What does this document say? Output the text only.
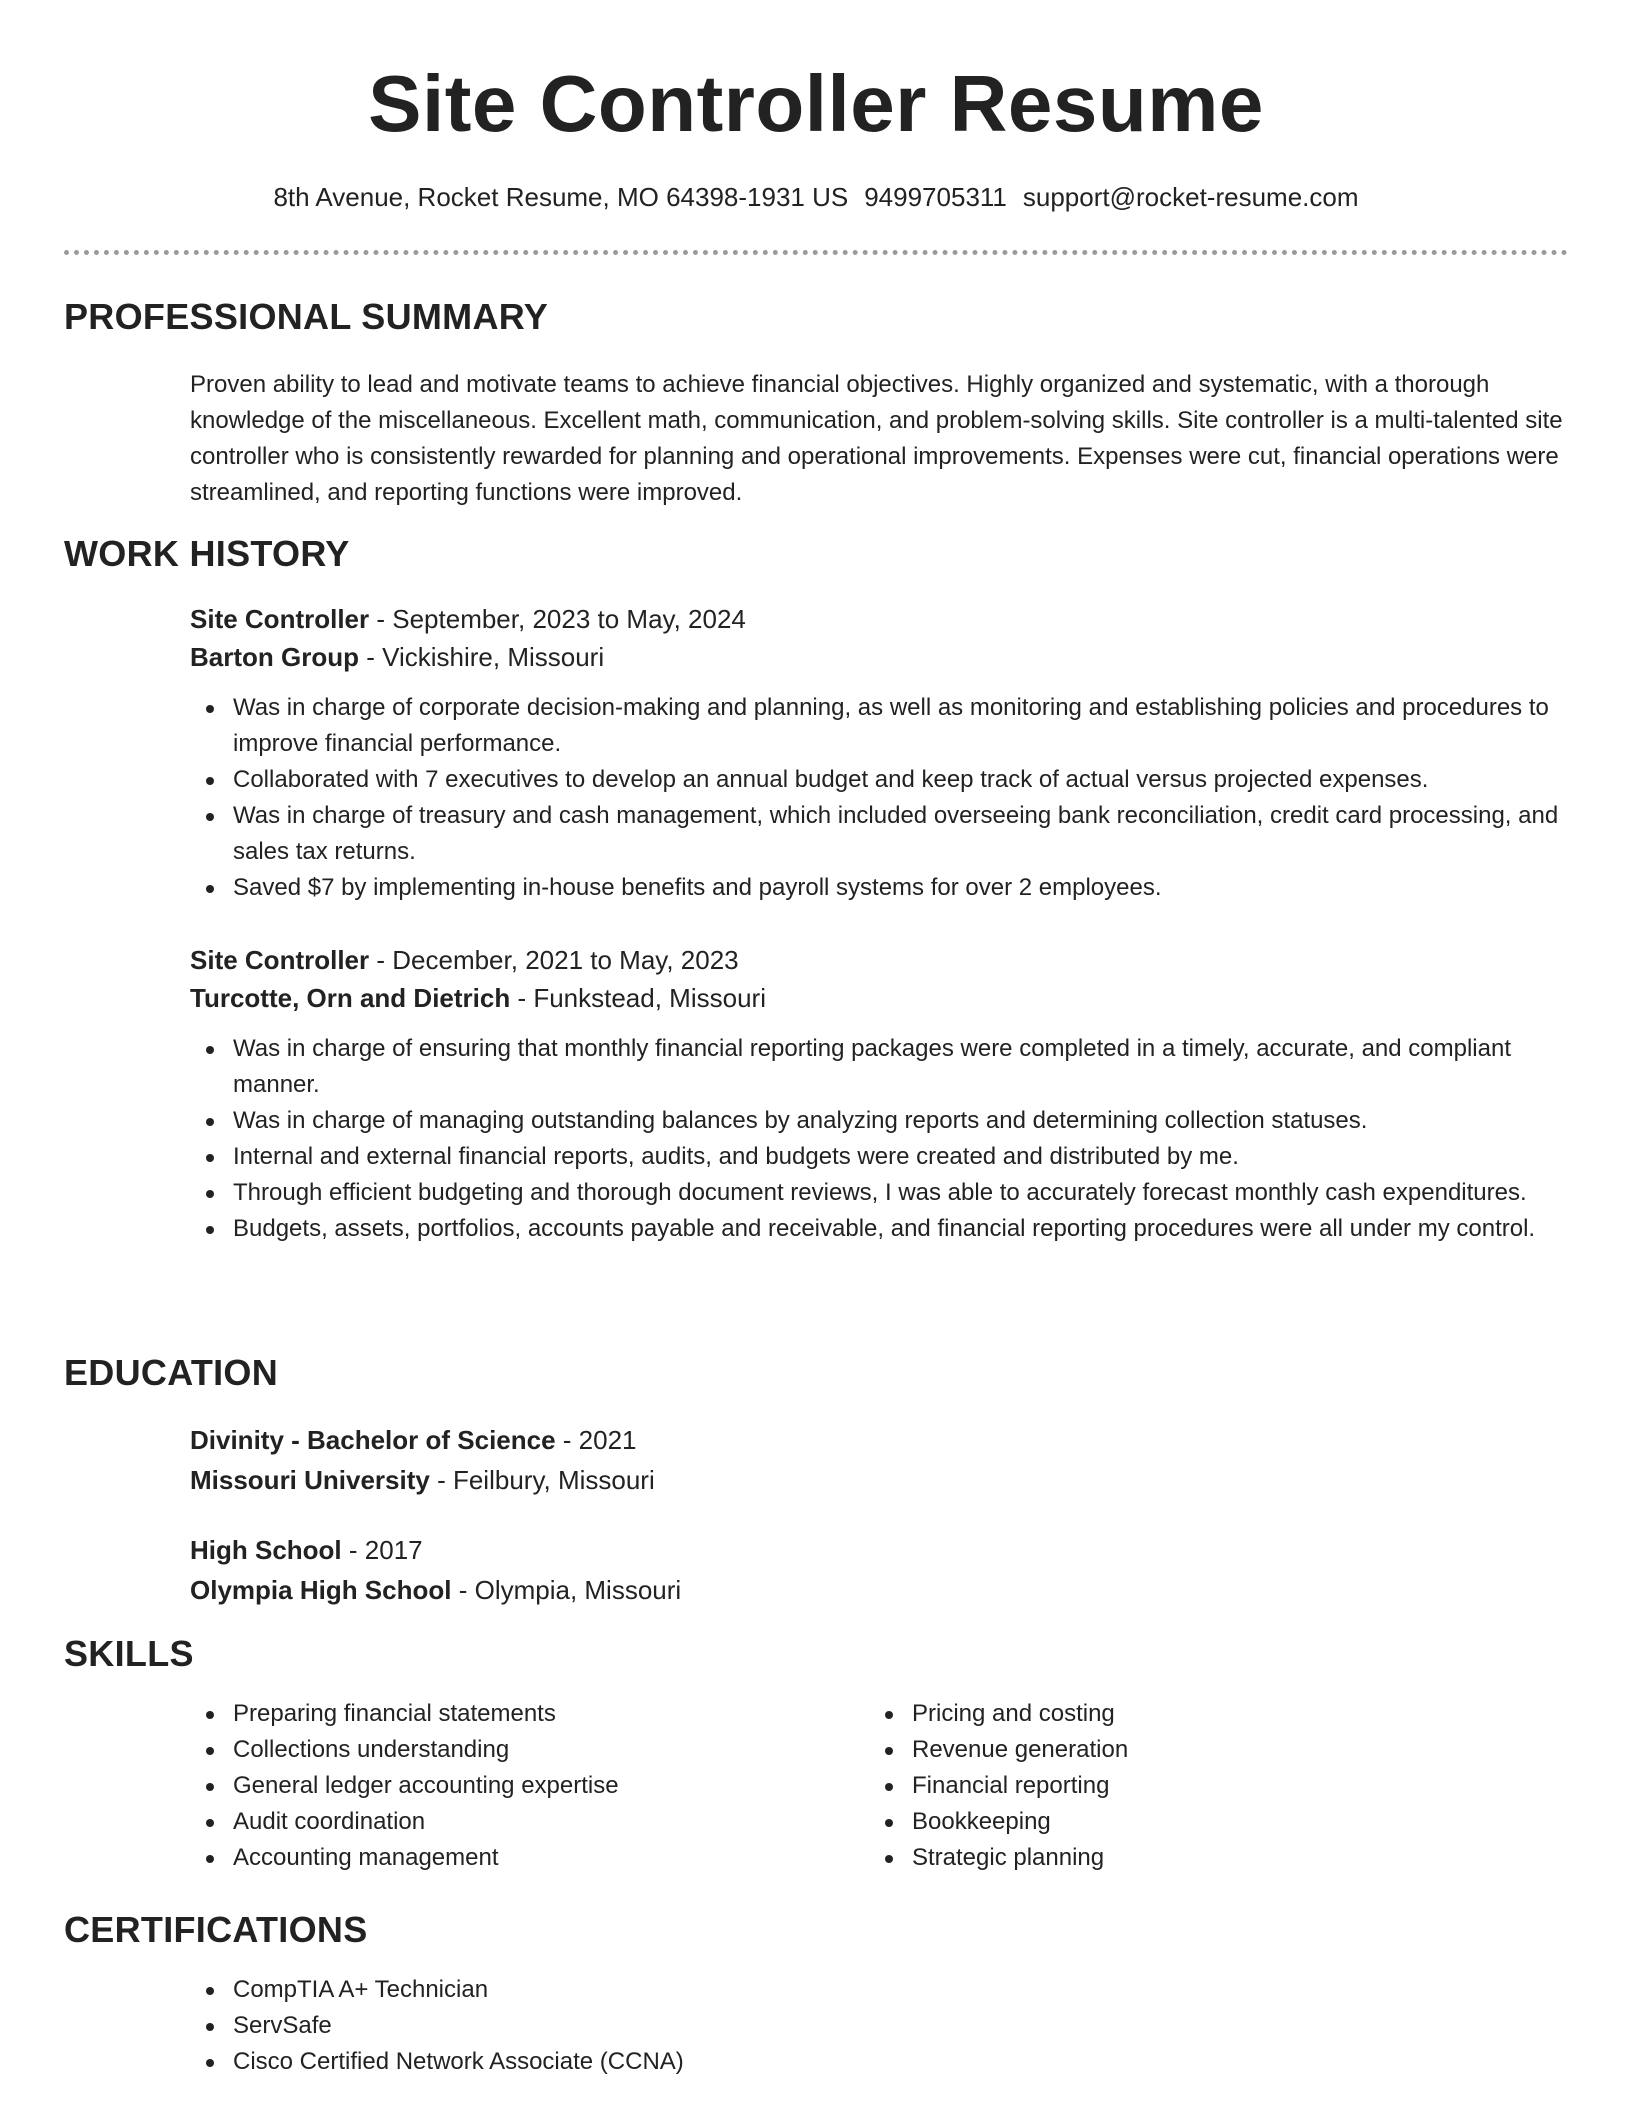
Site Controller Resume
8th Avenue, Rocket Resume, MO 64398-1931 US 9499705311 support@rocket-resume.com
PROFESSIONAL SUMMARY

Proven ability to lead and motivate teams to achieve financial objectives. Highly organized and systematic, with a thorough knowledge of the miscellaneous. Excellent math, communication, and problem-solving skills. Site controller is a multi-talented site controller who is consistently rewarded for planning and operational improvements. Expenses were cut, financial operations were streamlined, and reporting functions were improved.

WORK HISTORY
Site Controller - September, 2023 to May, 2024
Barton Group - Vickishire, Missouri
Was in charge of corporate decision-making and planning, as well as monitoring and establishing policies and procedures to improve financial performance.
Collaborated with 7 executives to develop an annual budget and keep track of actual versus projected expenses.
Was in charge of treasury and cash management, which included overseeing bank reconciliation, credit card processing, and sales tax returns.
Saved $7 by implementing in-house benefits and payroll systems for over 2 employees.
Site Controller - December, 2021 to May, 2023
Turcotte, Orn and Dietrich - Funkstead, Missouri
Was in charge of ensuring that monthly financial reporting packages were completed in a timely, accurate, and compliant manner.
Was in charge of managing outstanding balances by analyzing reports and determining collection statuses.
Internal and external financial reports, audits, and budgets were created and distributed by me.
Through efficient budgeting and thorough document reviews, I was able to accurately forecast monthly cash expenditures.
Budgets, assets, portfolios, accounts payable and receivable, and financial reporting procedures were all under my control.
EDUCATION
Divinity - Bachelor of Science - 2021
Missouri University - Feilbury, Missouri
High School - 2017
Olympia High School - Olympia, Missouri
SKILLS
Preparing financial statements
Collections understanding
General ledger accounting expertise
Audit coordination
Accounting management
Pricing and costing
Revenue generation
Financial reporting
Bookkeeping
Strategic planning
CERTIFICATIONS
CompTIA A+ Technician
ServSafe
Cisco Certified Network Associate (CCNA)
